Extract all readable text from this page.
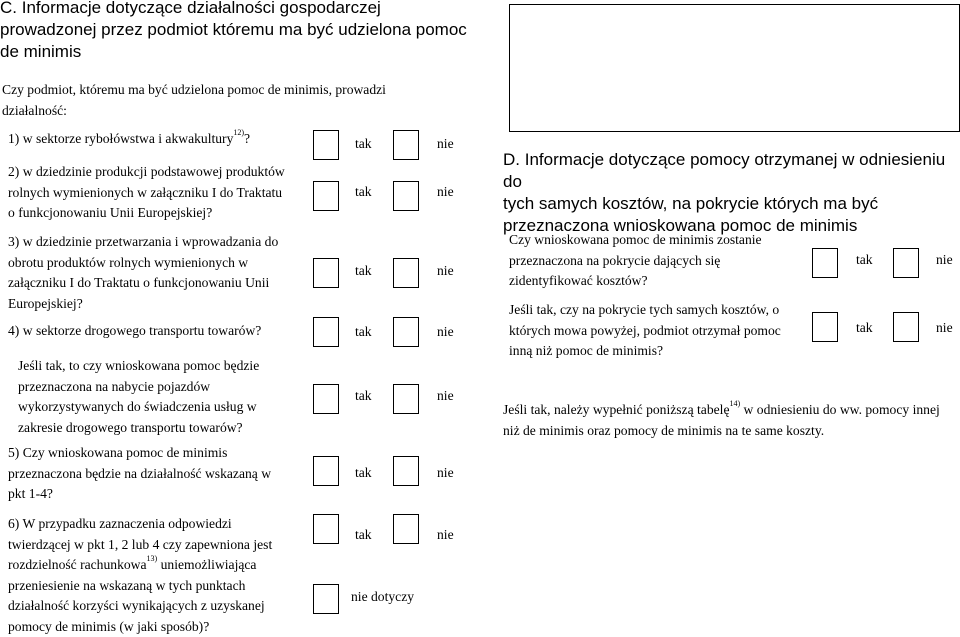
C. Informacje dotyczące działalności gospodarczej
prowadzonej przez podmiot któremu ma być udzielona pomoc
de minimis
Czy podmiot, któremu ma być udzielona pomoc de minimis, prowadzi
działalność:
1) w sektorze rybołówstwa i akwakultury$^{12)}$?	tak	nie
2) w dziedzinie produkcji podstawowej produktów
rolnych wymienionych w załączniku I do Traktatu
o funkcjonowaniu Unii Europejskiej?
tak	nie
3) w dziedzinie przetwarzania i wprowadzania do
obrotu produktów rolnych wymienionych w
załączniku I do Traktatu o funkcjonowaniu Unii
Europejskiej?
tak	nie
4) w sektorze drogowego transportu towarów?	tak	nie
Jeśli tak, to czy wnioskowana pomoc będzie
przeznaczona na nabycie pojazdów
wykorzystywanych do świadczenia usług w
zakresie drogowego transportu towarów?
tak	nie
5) Czy wnioskowana pomoc de minimis
przeznaczona będzie na działalność wskazaną w
pkt 1-4?
tak	nie
6) W przypadku zaznaczenia odpowiedzi
twierdzącej w pkt 1, 2 lub 4 czy zapewniona jest
rozdzielność rachunkowa$^{13)}$ uniemożliwiająca
przeniesienie na wskazaną w tych punktach
działalność korzyści wynikających z uzyskanej
pomocy de minimis (w jaki sposób)?
tak	nie
nie dotyczy
D. Informacje dotyczące pomocy otrzymanej w odniesieniu do
tych samych kosztów, na pokrycie których ma być
przeznaczona wnioskowana pomoc de minimis
Czy wnioskowana pomoc de minimis zostanie
przeznaczona na pokrycie dających się
zidentyfikować kosztów?
tak	nie
Jeśli tak, czy na pokrycie tych samych kosztów, o
których mowa powyżej, podmiot otrzymał pomoc
inną niż pomoc de minimis?
tak	nie
Jeśli tak, należy wypełnić poniższą tabelę$^{14)}$ w odniesieniu do ww. pomocy innej
niż de minimis oraz pomocy de minimis na te same koszty.
